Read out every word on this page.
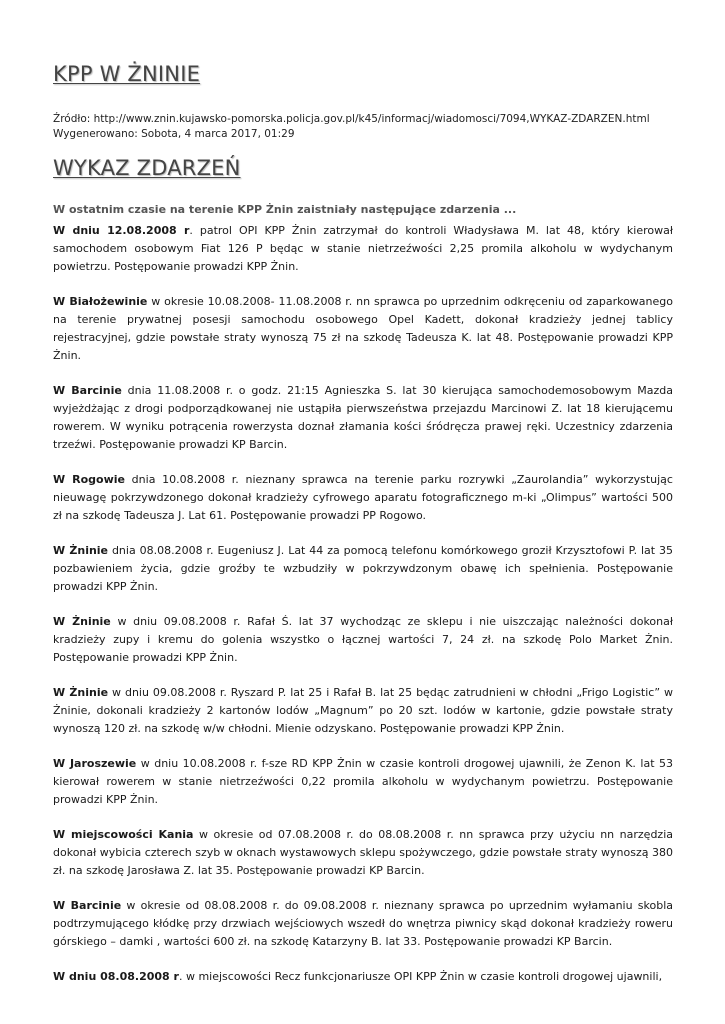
KPP W ŻNINIE
Źródło: http://www.znin.kujawsko-pomorska.policja.gov.pl/k45/informacj/wiadomosci/7094,WYKAZ-ZDARZEN.html
Wygenerowano: Sobota, 4 marca 2017, 01:29
WYKAZ ZDARZEŃ
W ostatnim czasie na terenie KPP Żnin zaistniały następujące zdarzenia ...

W dniu 12.08.2008 r. patrol OPI KPP Żnin zatrzymał do kontroli Władysława M. lat 48, który kierował samochodem osobowym Fiat 126 P będąc w stanie nietrzeźwości 2,25 promila alkoholu w wydychanym powietrzu. Postępowanie prowadzi KPP Żnin.

W Białożewinie w okresie 10.08.2008- 11.08.2008 r. nn sprawca po uprzednim odkręceniu od zaparkowanego na terenie prywatnej posesji samochodu osobowego Opel Kadett, dokonał kradzieży jednej tablicy rejestracyjnej, gdzie powstałe straty wynoszą 75 zł na szkodę Tadeusza K. lat 48. Postępowanie prowadzi KPP Żnin.

W Barcinie dnia 11.08.2008 r. o godz. 21:15 Agnieszka S. lat 30 kierująca samochodemosobowym Mazda wyjeżdżając z drogi podporządkowanej nie ustąpiła pierwszeństwa przejazdu Marcinowi Z. lat 18 kierującemu rowerem. W wyniku potrącenia rowerzysta doznał złamania kości śródręcza prawej ręki. Uczestnicy zdarzenia trzeźwi. Postępowanie prowadzi KP Barcin.

W Rogowie dnia 10.08.2008 r. nieznany sprawca na terenie parku rozrywki „Zaurolandia” wykorzystując nieuwagę pokrzywdzonego dokonał kradzieży cyfrowego aparatu fotograficznego m-ki „Olimpus” wartości 500 zł na szkodę Tadeusza J. Lat 61. Postępowanie prowadzi PP Rogowo.

W Żninie dnia 08.08.2008 r. Eugeniusz J. Lat 44 za pomocą telefonu komórkowego groził Krzysztofowi P. lat 35 pozbawieniem życia, gdzie groźby te wzbudziły w pokrzywdzonym obawę ich spełnienia. Postępowanie prowadzi KPP Żnin.

W Żninie w dniu 09.08.2008 r. Rafał Ś. lat 37 wychodząc ze sklepu i nie uiszczając należności dokonał kradzieży zupy i kremu do golenia wszystko o łącznej wartości 7, 24 zł. na szkodę Polo Market Żnin. Postępowanie prowadzi KPP Żnin.

W Żninie w dniu 09.08.2008 r. Ryszard P. lat 25 i Rafał B. lat 25 będąc zatrudnieni w chłodni „Frigo Logistic” w Żninie, dokonali kradzieży 2 kartonów lodów „Magnum” po 20 szt. lodów w kartonie, gdzie powstałe straty wynoszą 120 zł. na szkodę w/w chłodni. Mienie odzyskano. Postępowanie prowadzi KPP Żnin.

W Jaroszewie w dniu 10.08.2008 r. f-sze RD KPP Żnin w czasie kontroli drogowej ujawnili, że Zenon K. lat 53 kierował rowerem w stanie nietrzeźwości 0,22 promila alkoholu w wydychanym powietrzu. Postępowanie prowadzi KPP Żnin.

W miejscowości Kania w okresie od 07.08.2008 r. do 08.08.2008 r. nn sprawca przy użyciu nn narzędzia dokonał wybicia czterech szyb w oknach wystawowych sklepu spożywczego, gdzie powstałe straty wynoszą 380 zł. na szkodę Jarosława Z. lat 35. Postępowanie prowadzi KP Barcin.

W Barcinie w okresie od 08.08.2008 r. do 09.08.2008 r. nieznany sprawca po uprzednim wyłamaniu skobla podtrzymującego kłódkę przy drzwiach wejściowych wszedł do wnętrza piwnicy skąd dokonał kradzieży roweru górskiego – damki , wartości 600 zł. na szkodę Katarzyny B. lat 33. Postępowanie prowadzi KP Barcin.

W dniu 08.08.2008 r. w miejscowości Recz funkcjonariusze OPI KPP Żnin w czasie kontroli drogowej ujawnili,
